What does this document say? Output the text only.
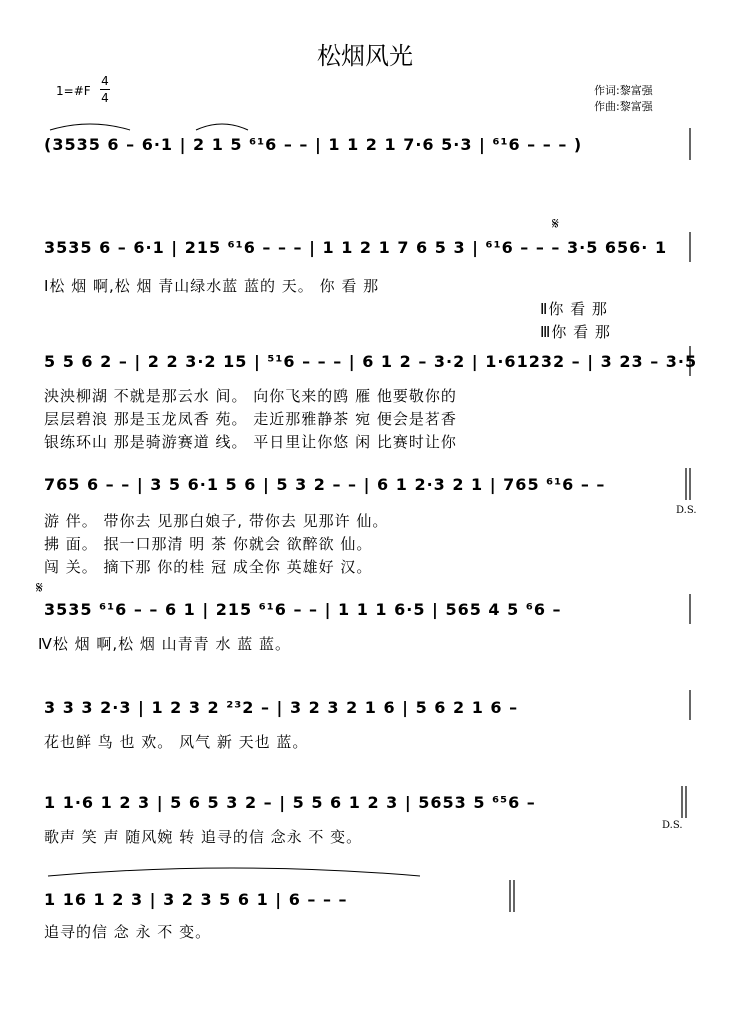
松烟风光
1=#F
4
4
作词:黎富强
作曲:黎富强
(3535 6 – 6·1 | 2 1 5 ⁶¹6 – – | 1 1 2 1 7·6 5·3 | ⁶¹6 – – – )
3535 6 – 6·1 | 215 ⁶¹6 – – – | 1 1 2 1 7 6 5 3 | ⁶¹6 – – – 3·5 656· 1
Ⅰ松 烟 啊,松 烟 青山绿水蓝 蓝的 天。 你 看 那
Ⅱ你 看 那
Ⅲ你 看 那
5 5 6 2 – | 2 2 3·2 15 | ⁵¹6 – – – | 6 1 2 – 3·2 | 1·61232 – | 3 23 – 3·5
泱泱柳湖 不就是那云水 间。 向你飞来的鸥 雁 他要敬你的
层层碧浪 那是玉龙凤香 苑。 走近那雅静茶 宛 便会是茗香
银练环山 那是骑游赛道 线。 平日里让你悠 闲 比赛时让你
765 6 – – | 3 5 6·1 5 6 | 5 3 2 – – | 6 1 2·3 2 1 | 765 ⁶¹6 – –
游 伴。 带你去 见那白娘子, 带你去 见那许 仙。
拂 面。 抿一口那清 明 茶 你就会 欲醉欲 仙。
闯 关。 摘下那 你的桂 冠 成全你 英雄好 汉。
D.S.
𝄋
3535 ⁶¹6 – – 6 1 | 215 ⁶¹6 – – | 1 1 1 6·5 | 565 4 5 ⁶6 –
Ⅳ松 烟 啊,松 烟 山青青 水 蓝 蓝。
3 3 3 2·3 | 1 2 3 2 ²³2 – | 3 2 3 2 1 6 | 5 6 2 1 6 –
花也鲜 鸟 也 欢。 风气 新 天也 蓝。
1 1·6 1 2 3 | 5 6 5 3 2 – | 5 5 6 1 2 3 | 5653 5 ⁶⁵6 –
歌声 笑 声 随风婉 转 追寻的信 念永 不 变。
D.S.
1 16 1 2 3 | 3 2 3 5 6 1 | 6 – – –
追寻的信 念 永 不 变。
𝄋
